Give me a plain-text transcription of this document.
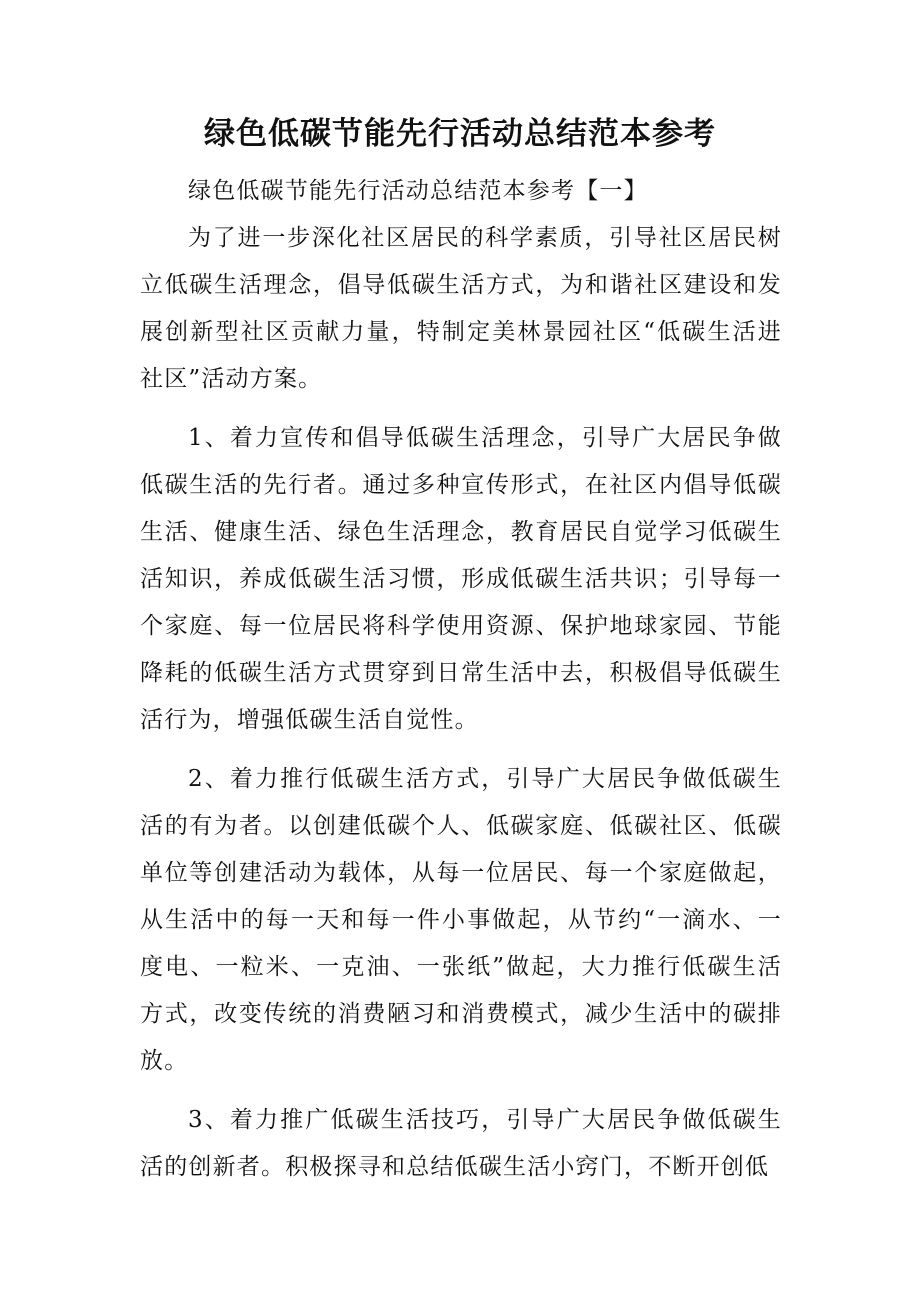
绿色低碳节能先行活动总结范本参考

绿色低碳节能先行活动总结范本参考【一】

为了进一步深化社区居民的科学素质，引导社区居民树立低碳生活理念，倡导低碳生活方式，为和谐社区建设和发展创新型社区贡献力量，特制定美林景园社区“低碳生活进社区”活动方案。

1、着力宣传和倡导低碳生活理念，引导广大居民争做低碳生活的先行者。通过多种宣传形式，在社区内倡导低碳生活、健康生活、绿色生活理念，教育居民自觉学习低碳生活知识，养成低碳生活习惯，形成低碳生活共识；引导每一个家庭、每一位居民将科学使用资源、保护地球家园、节能降耗的低碳生活方式贯穿到日常生活中去，积极倡导低碳生活行为，增强低碳生活自觉性。

2、着力推行低碳生活方式，引导广大居民争做低碳生活的有为者。以创建低碳个人、低碳家庭、低碳社区、低碳单位等创建活动为载体，从每一位居民、每一个家庭做起，从生活中的每一天和每一件小事做起，从节约“一滴水、一度电、一粒米、一克油、一张纸”做起，大力推行低碳生活方式，改变传统的消费陋习和消费模式，减少生活中的碳排放。

3、着力推广低碳生活技巧，引导广大居民争做低碳生活的创新者。积极探寻和总结低碳生活小窍门，不断开创低
